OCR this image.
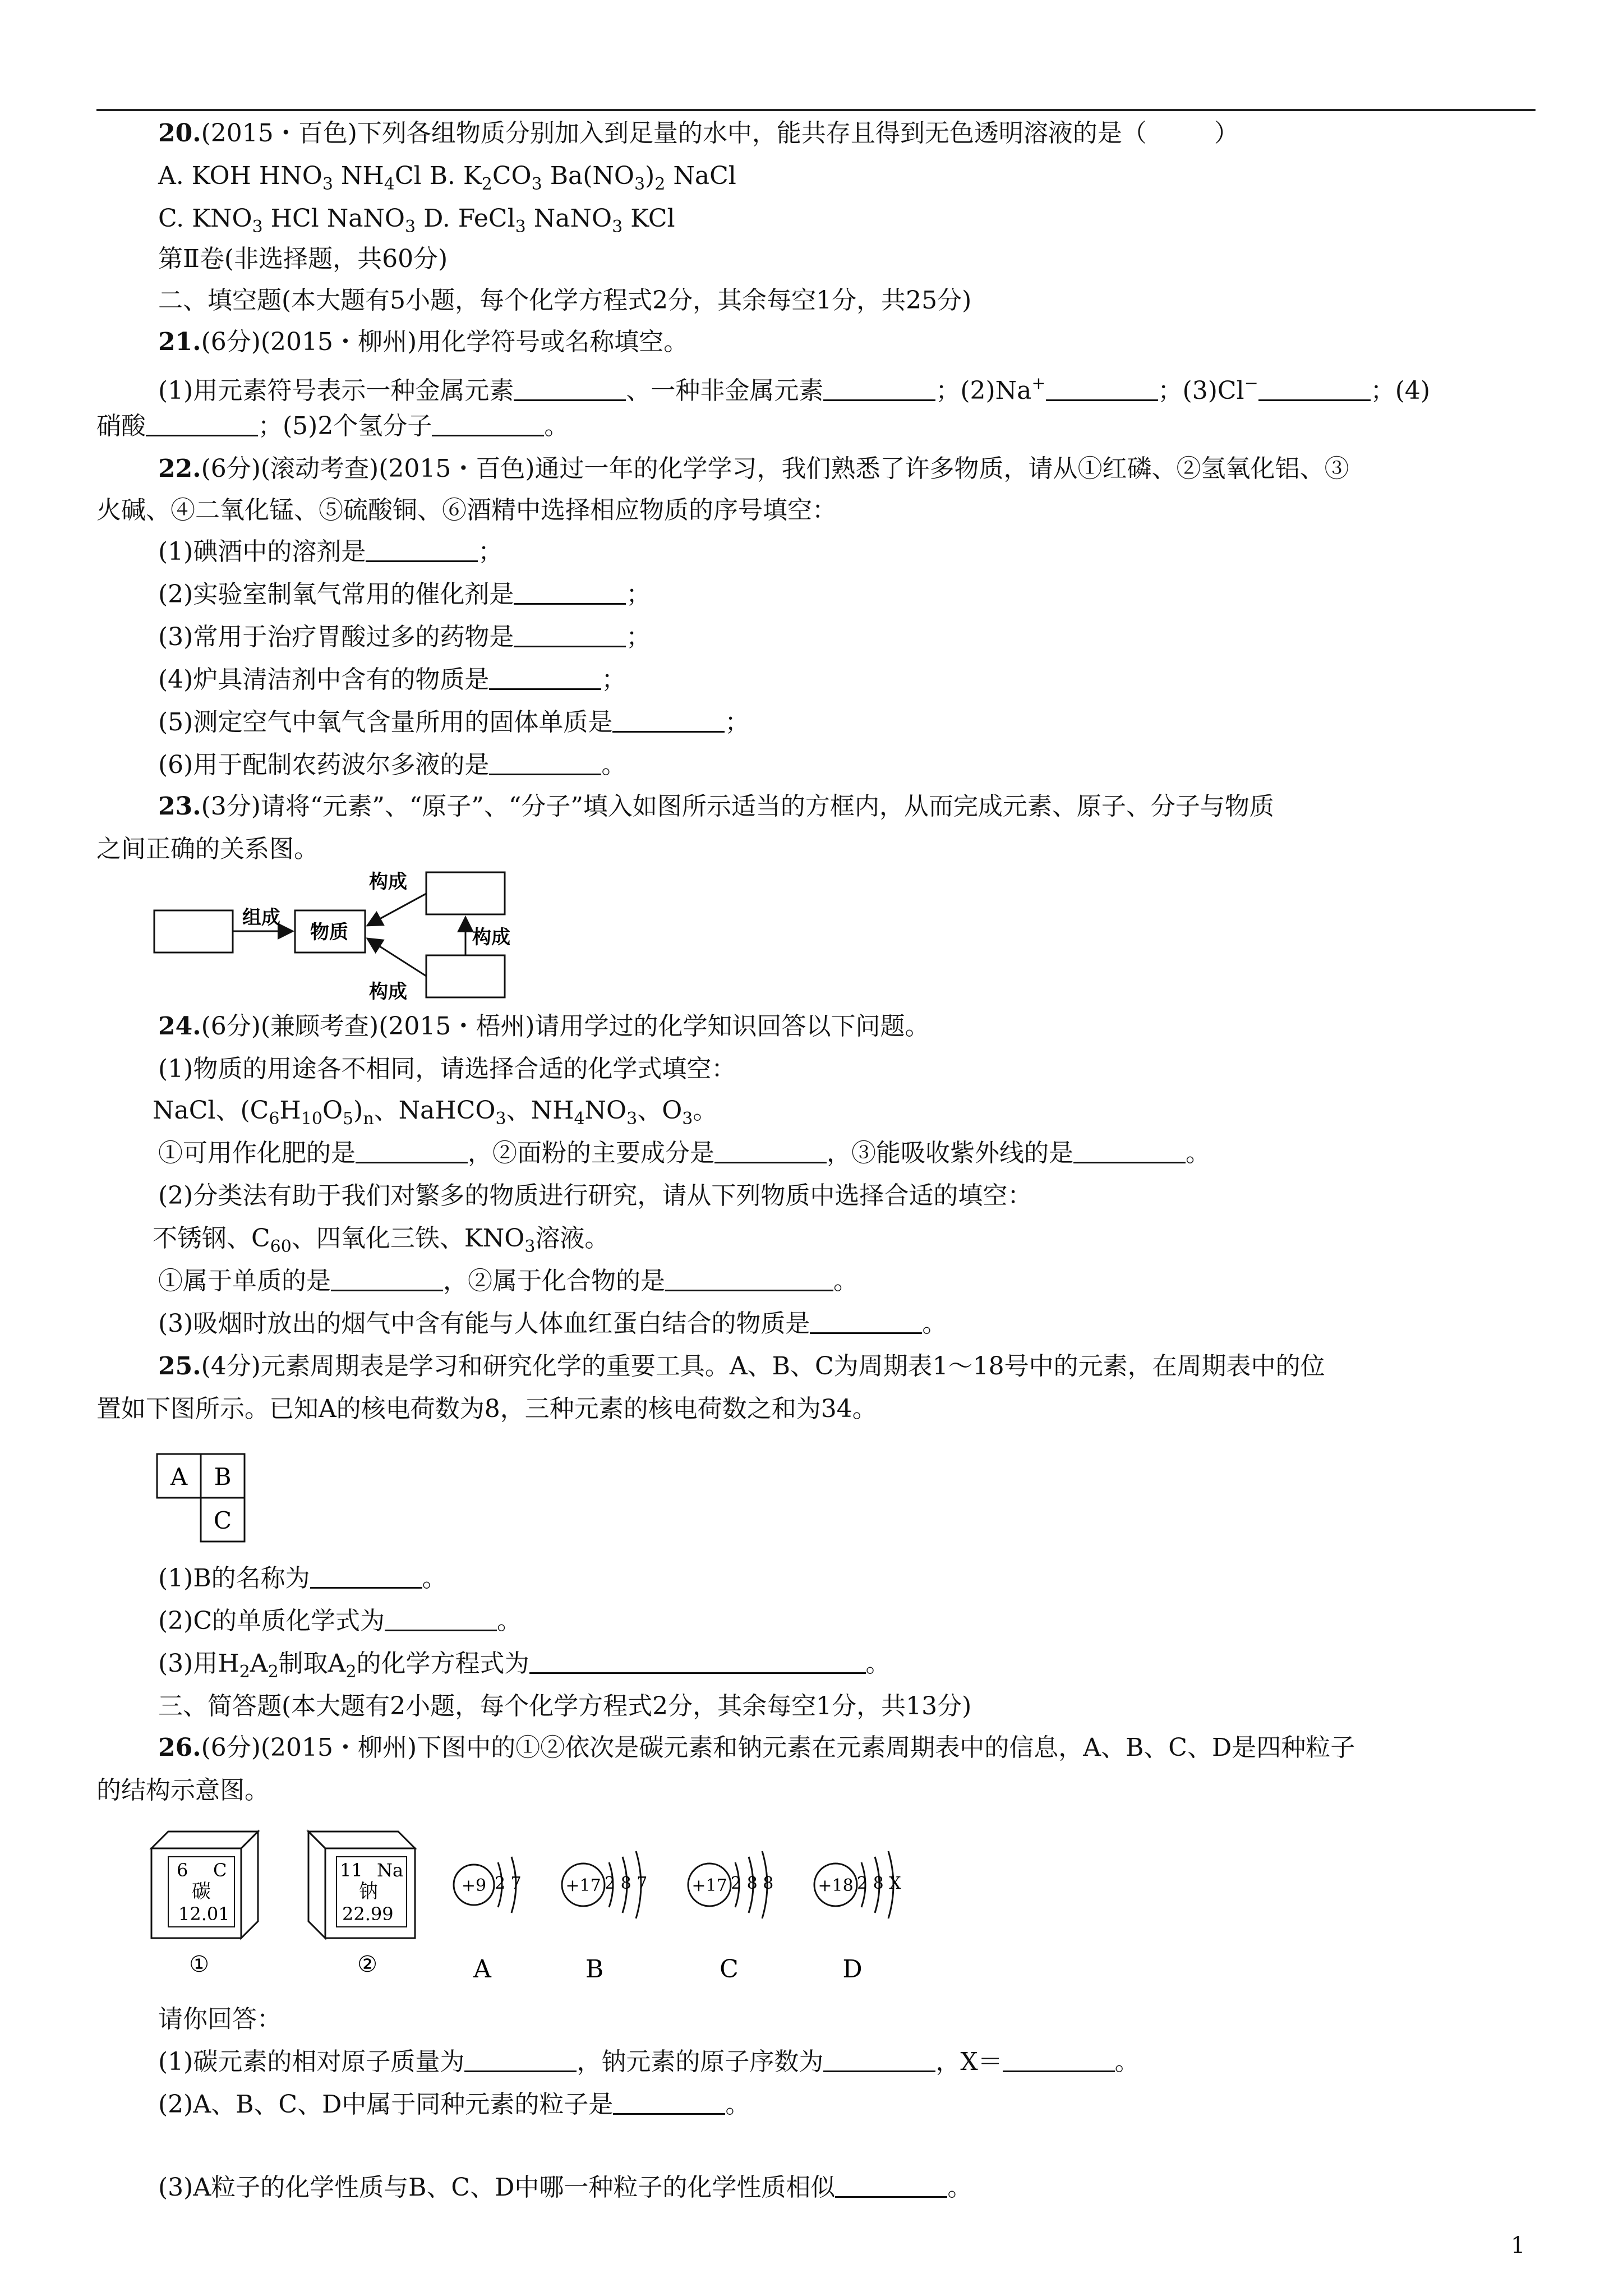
20.(2015・百色)下列各组物质分别加入到足量的水中，能共存且得到无色透明溶液的是（	）
A. KOH $HNO_3$ $NH_4Cl$ B. $K_2CO_3$ $Ba(NO_3)_2$ NaCl
C. $KNO_3$ HCl NaNO$_3$ D. FeCl$_3$ NaNO$_3$ KCl
第Ⅱ卷(非选择题，共60分)
二、填空题(本大题有5小题，每个化学方程式2分，其余每空1分，共25分)
21.(6分)(2015・柳州)用化学符号或名称填空。
(1)用元素符号表示一种金属元素	、一种非金属元素	；(2)Na+	；(3)Cl−	；(4)
硝酸	；(5)2个氢分子	。
22.(6分)(滚动考查)(2015・百色)通过一年的化学学习，我们熟悉了许多物质，请从①红磷、②氢氧化铝、③
火碱、④二氧化锰、⑤硫酸铜、⑥酒精中选择相应物质的序号填空：
(1)碘酒中的溶剂是	；
(2)实验室制氧气常用的催化剂是	；
(3)常用于治疗胃酸过多的药物是	；
(4)炉具清洁剂中含有的物质是	；
(5)测定空气中氧气含量所用的固体单质是	；
(6)用于配制农药波尔多液的是	。
23.(3分)请将“元素”、“原子”、“分子”填入如图所示适当的方框内，从而完成元素、原子、分子与物质
之间正确的关系图。
组成
物质
构成
构成
构成
24.(6分)(兼顾考查)(2015・梧州)请用学过的化学知识回答以下问题。
(1)物质的用途各不相同，请选择合适的化学式填空：
NaCl、$(C_6H_{10}O_5)_n$、NaHCO$_3$、$NH_4NO_3$、$O_3$。
①可用作化肥的是	，②面粉的主要成分是	，③能吸收紫外线的是	。
(2)分类法有助于我们对繁多的物质进行研究，请从下列物质中选择合适的填空：
不锈钢、$C_{60}$、四氧化三铁、$KNO_3$溶液。
①属于单质的是	，②属于化合物的是	。
(3)吸烟时放出的烟气中含有能与人体血红蛋白结合的物质是	。
25.(4分)元素周期表是学习和研究化学的重要工具。A、B、C为周期表1～18号中的元素，在周期表中的位
置如下图所示。已知A的核电荷数为8，三种元素的核电荷数之和为34。
A B
C
(1)B的名称为	。
(2)C的单质化学式为	。
(3)用$H_2A_2$制取$A_2$的化学方程式为	。
三、简答题(本大题有2小题，每个化学方程式2分，其余每空1分，共13分)
26.(6分)(2015・柳州)下图中的①②依次是碳元素和钠元素在元素周期表中的信息，A、B、C、D是四种粒子
的结构示意图。
6 C
碳
12.01
①
11 Na
钠
22.99
②
+9 2 7
A
+17 2 8 7
B
+17 2 8 8
C
+18 2 8 X
D
请你回答：
(1)碳元素的相对原子质量为	，钠元素的原子序数为	，X＝	。
(2)A、B、C、D中属于同种元素的粒子是	。
(3)A粒子的化学性质与B、C、D中哪一种粒子的化学性质相似	。
1
